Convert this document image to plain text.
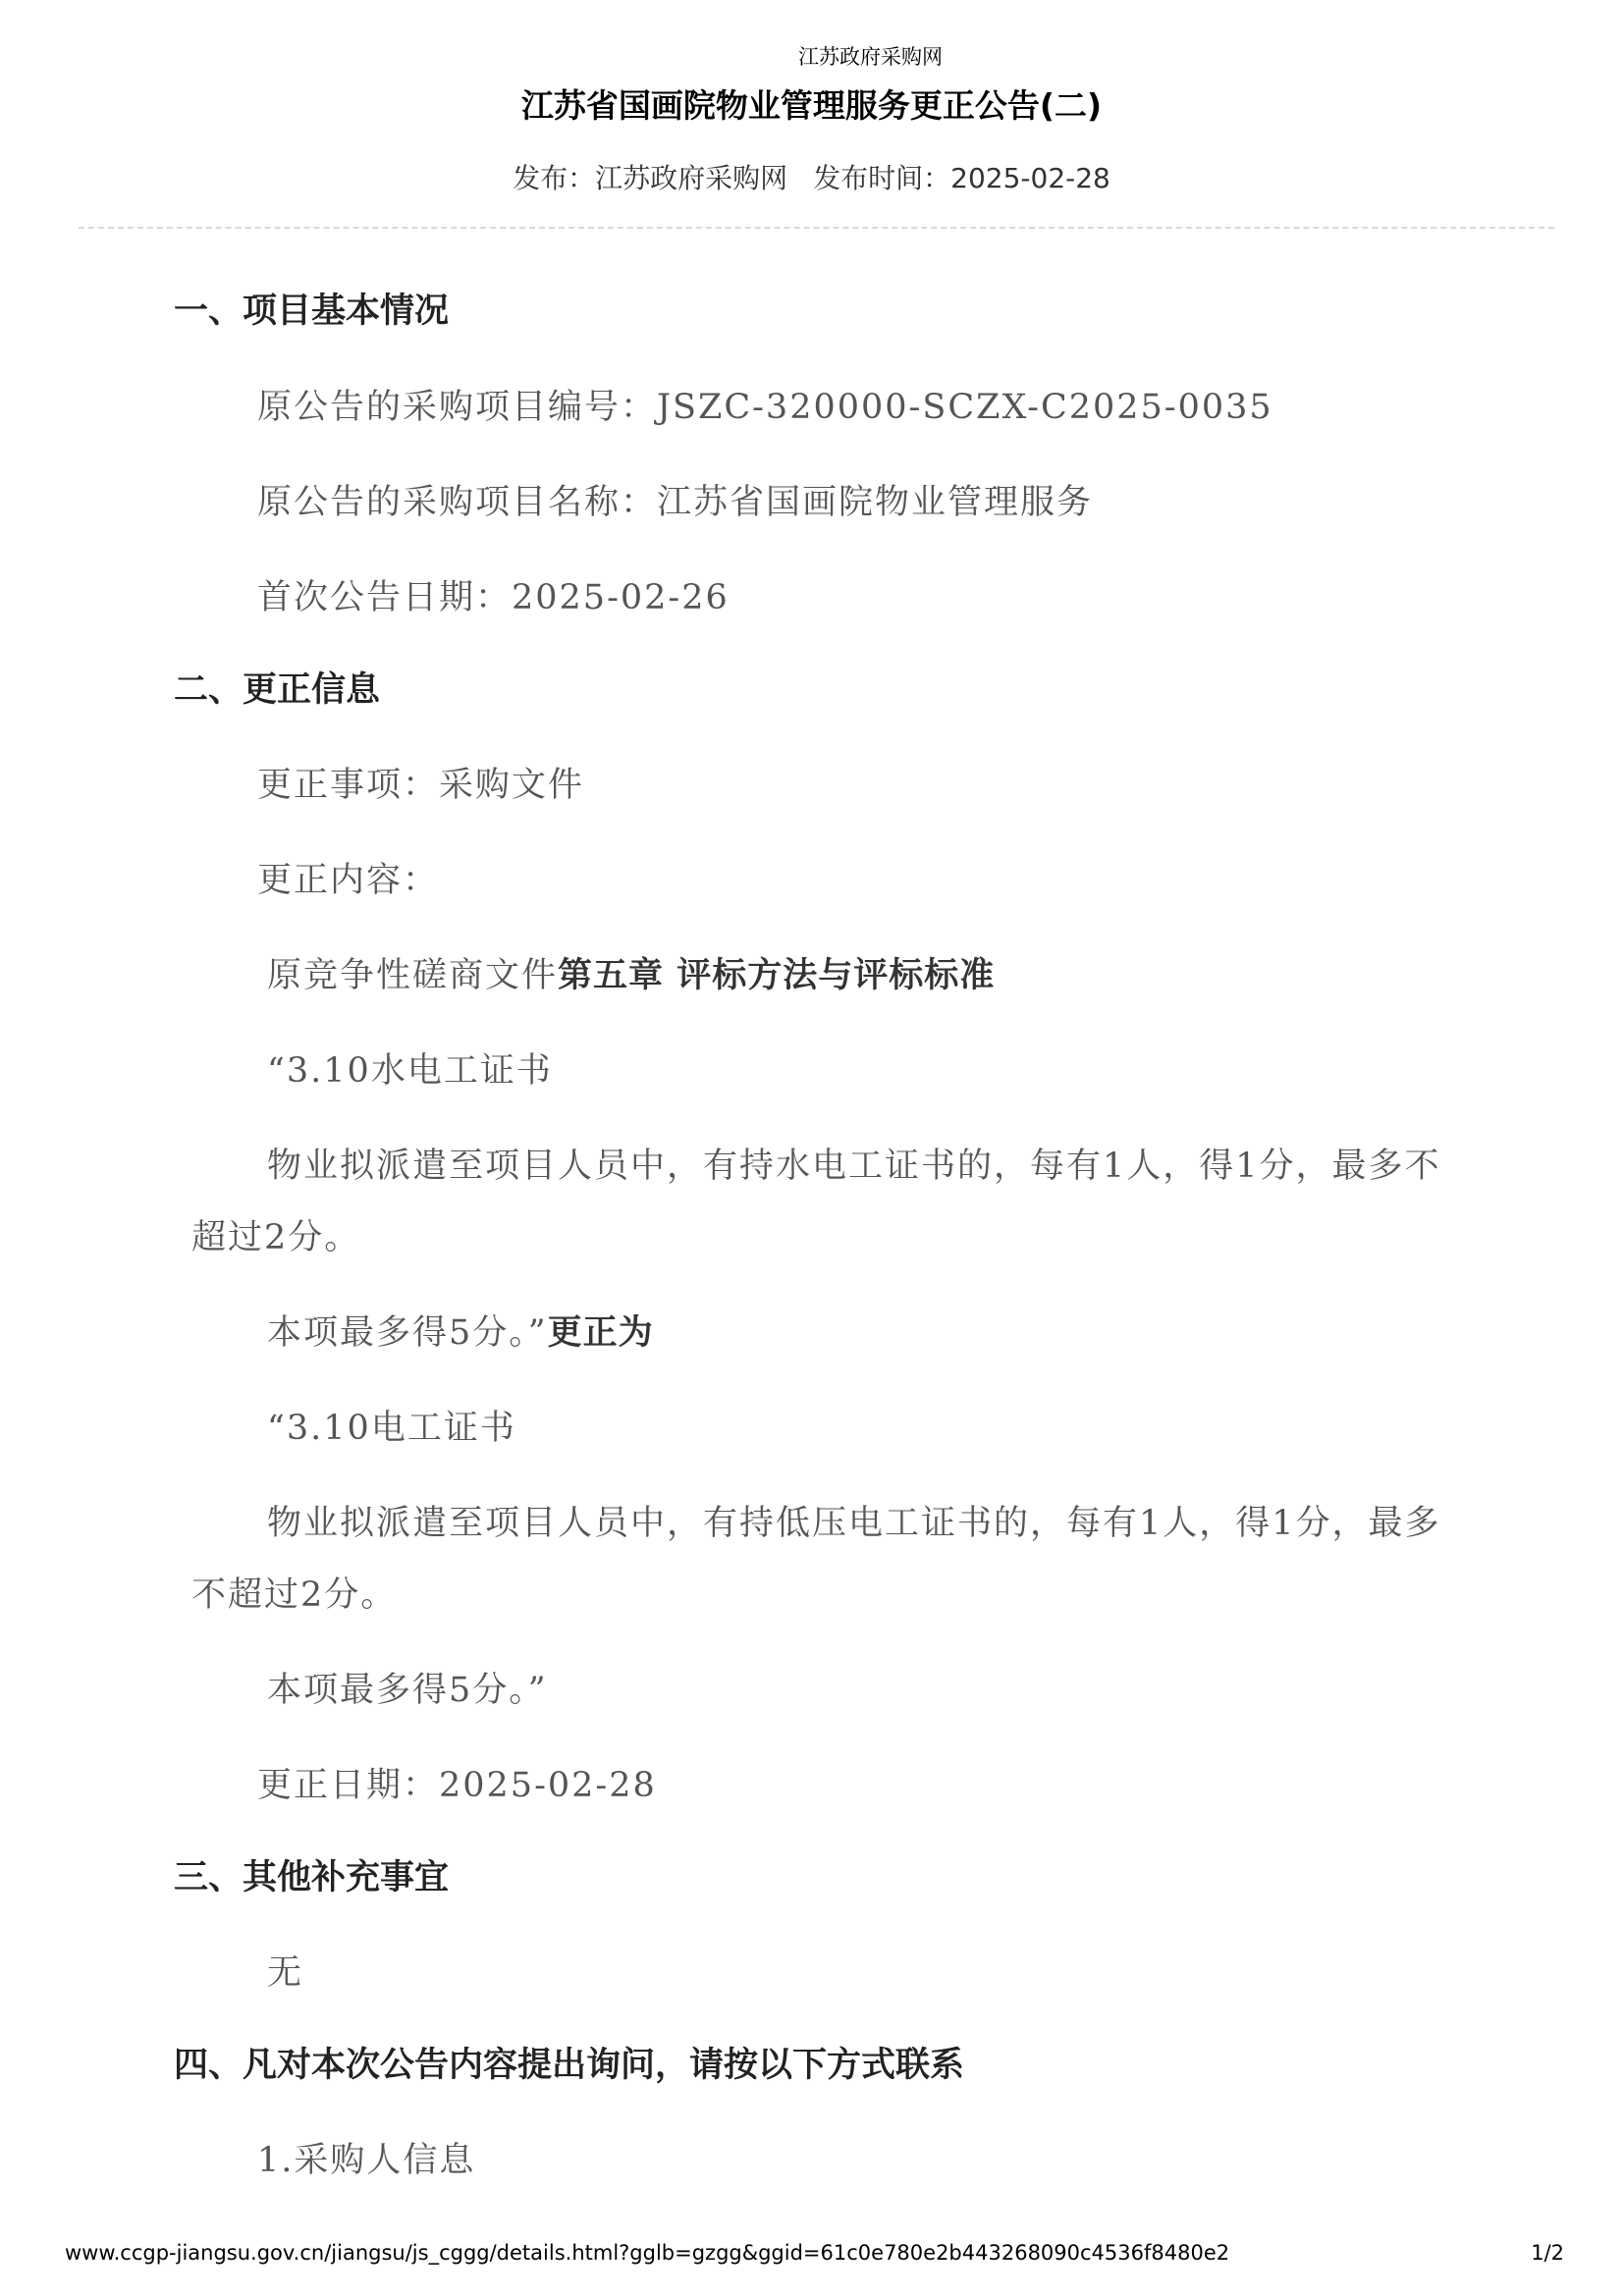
江苏政府采购网
江苏省国画院物业管理服务更正公告(二)
发布：江苏政府采购网 发布时间：2025-02-28
一、项目基本情况
原公告的采购项目编号：JSZC-320000-SCZX-C2025-0035
原公告的采购项目名称：江苏省国画院物业管理服务
首次公告日期：2025-02-26
二、更正信息
更正事项：采购文件
更正内容：
原竞争性磋商文件第五章 评标方法与评标标准
“3.10水电工证书
物业拟派遣至项目人员中，有持水电工证书的，每有1人，得1分，最多不
超过2分。
本项最多得5分。”更正为
“3.10电工证书
物业拟派遣至项目人员中，有持低压电工证书的，每有1人，得1分，最多
不超过2分。
本项最多得5分。”
更正日期：2025-02-28
三、其他补充事宜
无
四、凡对本次公告内容提出询问，请按以下方式联系
1.采购人信息
www.ccgp-jiangsu.gov.cn/jiangsu/js_cggg/details.html?gglb=gzgg&ggid=61c0e780e2b443268090c4536f8480e2	1/2
